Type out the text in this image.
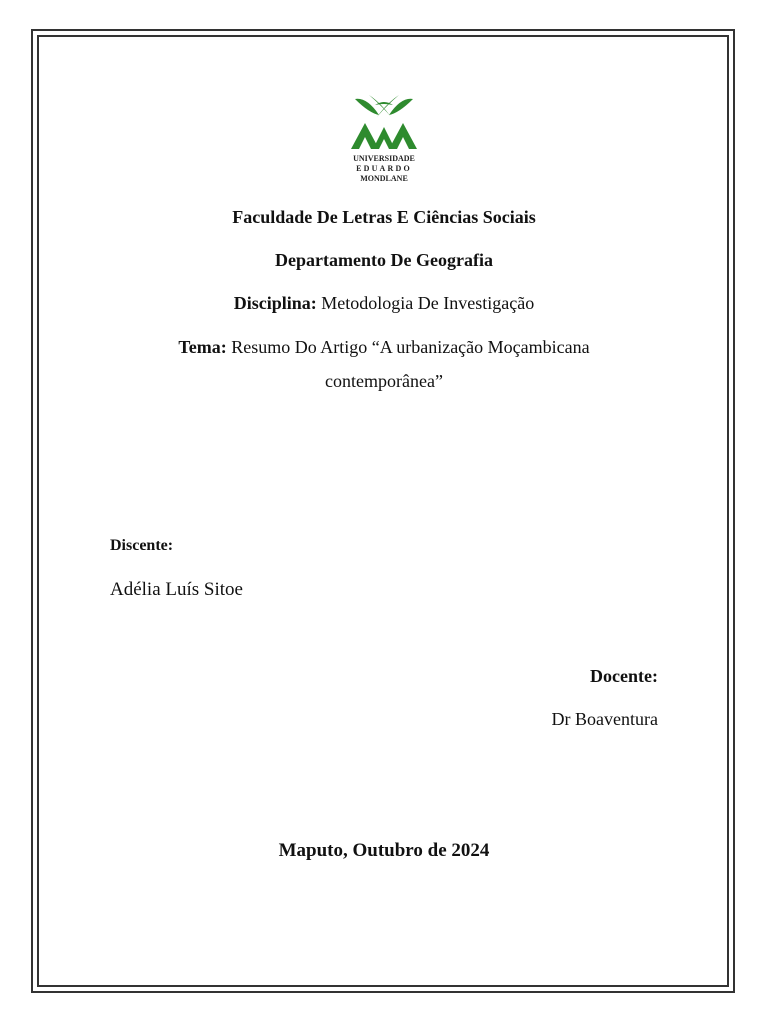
UNIVERSIDADE
EDUARDO
MONDLANE
Faculdade De Letras E Ciências Sociais
Departamento De Geografia
Disciplina: Metodologia De Investigação
Tema: Resumo Do Artigo “A urbanização Moçambicana
contemporânea”
Discente:
Adélia Luís Sitoe
Docente:
Dr Boaventura
Maputo, Outubro de 2024
